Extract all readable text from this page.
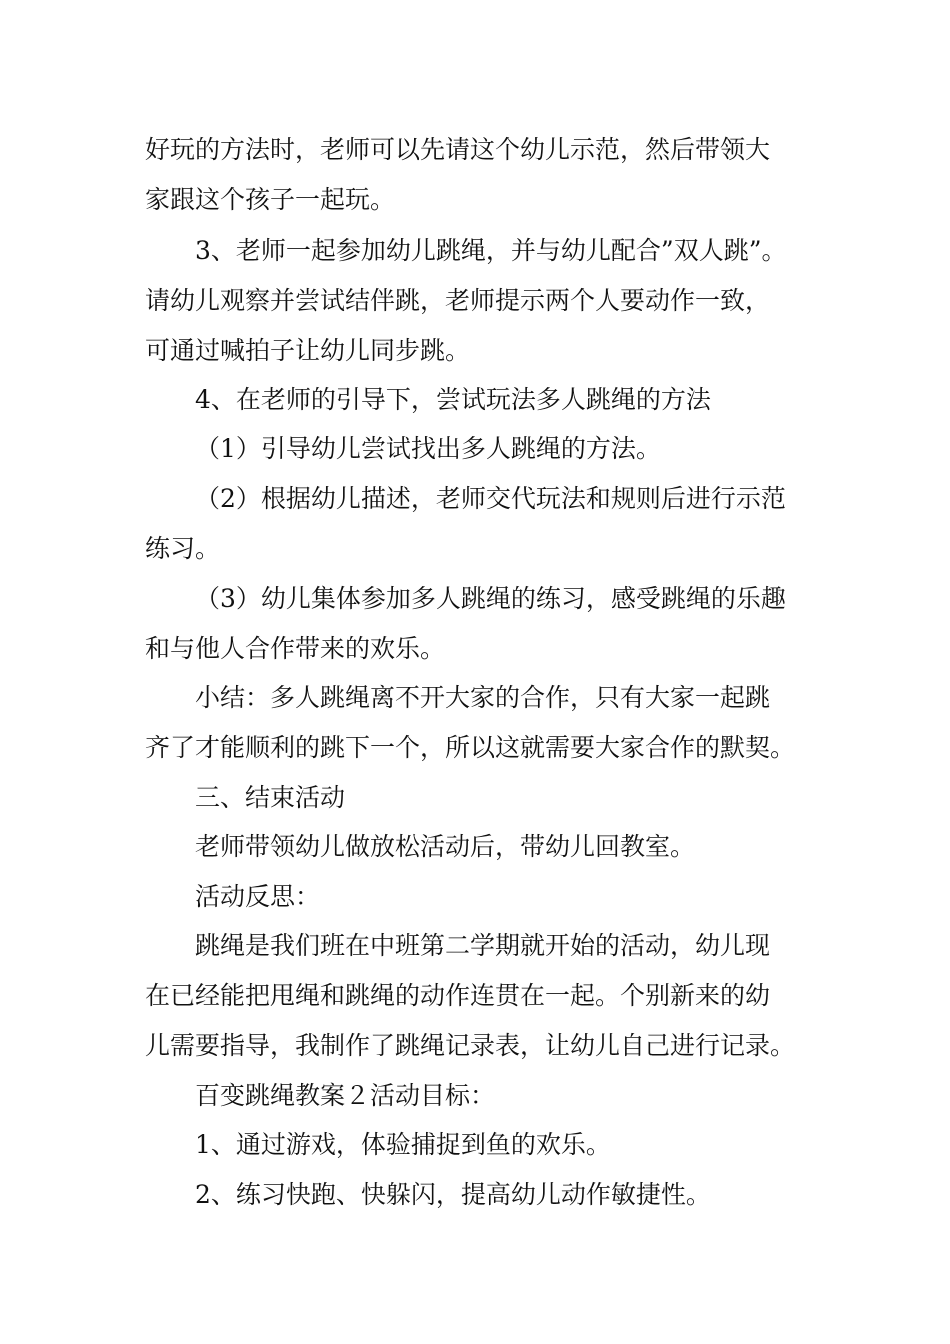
好玩的方法时，老师可以先请这个幼儿示范，然后带领大
家跟这个孩子一起玩。
3、老师一起参加幼儿跳绳，并与幼儿配合”双人跳”。
请幼儿观察并尝试结伴跳，老师提示两个人要动作一致，
可通过喊拍子让幼儿同步跳。
4、在老师的引导下，尝试玩法多人跳绳的方法
（1）引导幼儿尝试找出多人跳绳的方法。
（2）根据幼儿描述，老师交代玩法和规则后进行示范
练习。
（3）幼儿集体参加多人跳绳的练习，感受跳绳的乐趣
和与他人合作带来的欢乐。
小结：多人跳绳离不开大家的合作，只有大家一起跳
齐了才能顺利的跳下一个，所以这就需要大家合作的默契。
三、结束活动
老师带领幼儿做放松活动后，带幼儿回教室。
活动反思：
跳绳是我们班在中班第二学期就开始的活动，幼儿现
在已经能把甩绳和跳绳的动作连贯在一起。个别新来的幼
儿需要指导，我制作了跳绳记录表，让幼儿自己进行记录。
百变跳绳教案２活动目标：
1、通过游戏，体验捕捉到鱼的欢乐。
2、练习快跑、快躲闪，提高幼儿动作敏捷性。
